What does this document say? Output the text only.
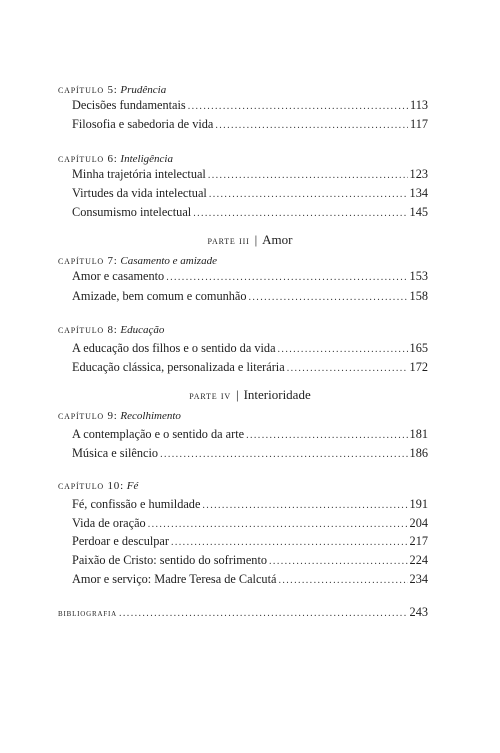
capítulo 5: Prudência
Decisões fundamentais .....	113
Filosofia e sabedoria de vida .....	117
capítulo 6: Inteligência
Minha trajetória intelectual .....	123
Virtudes da vida intelectual .....	134
Consumismo intelectual .....	145
parte iii | Amor
capítulo 7: Casamento e amizade
Amor e casamento .....	153
Amizade, bem comum e comunhão .....	158
capítulo 8: Educação
A educação dos filhos e o sentido da vida .....	165
Educação clássica, personalizada e literária .....	172
parte iv | Interioridade
capítulo 9: Recolhimento
A contemplação e o sentido da arte .....	181
Música e silêncio .....	186
capítulo 10: Fé
Fé, confissão e humildade .....	191
Vida de oração .....	204
Perdoar e desculpar .....	217
Paixão de Cristo: sentido do sofrimento .....	224
Amor e serviço: Madre Teresa de Calcutá .....	234
bibliografia .....	243
